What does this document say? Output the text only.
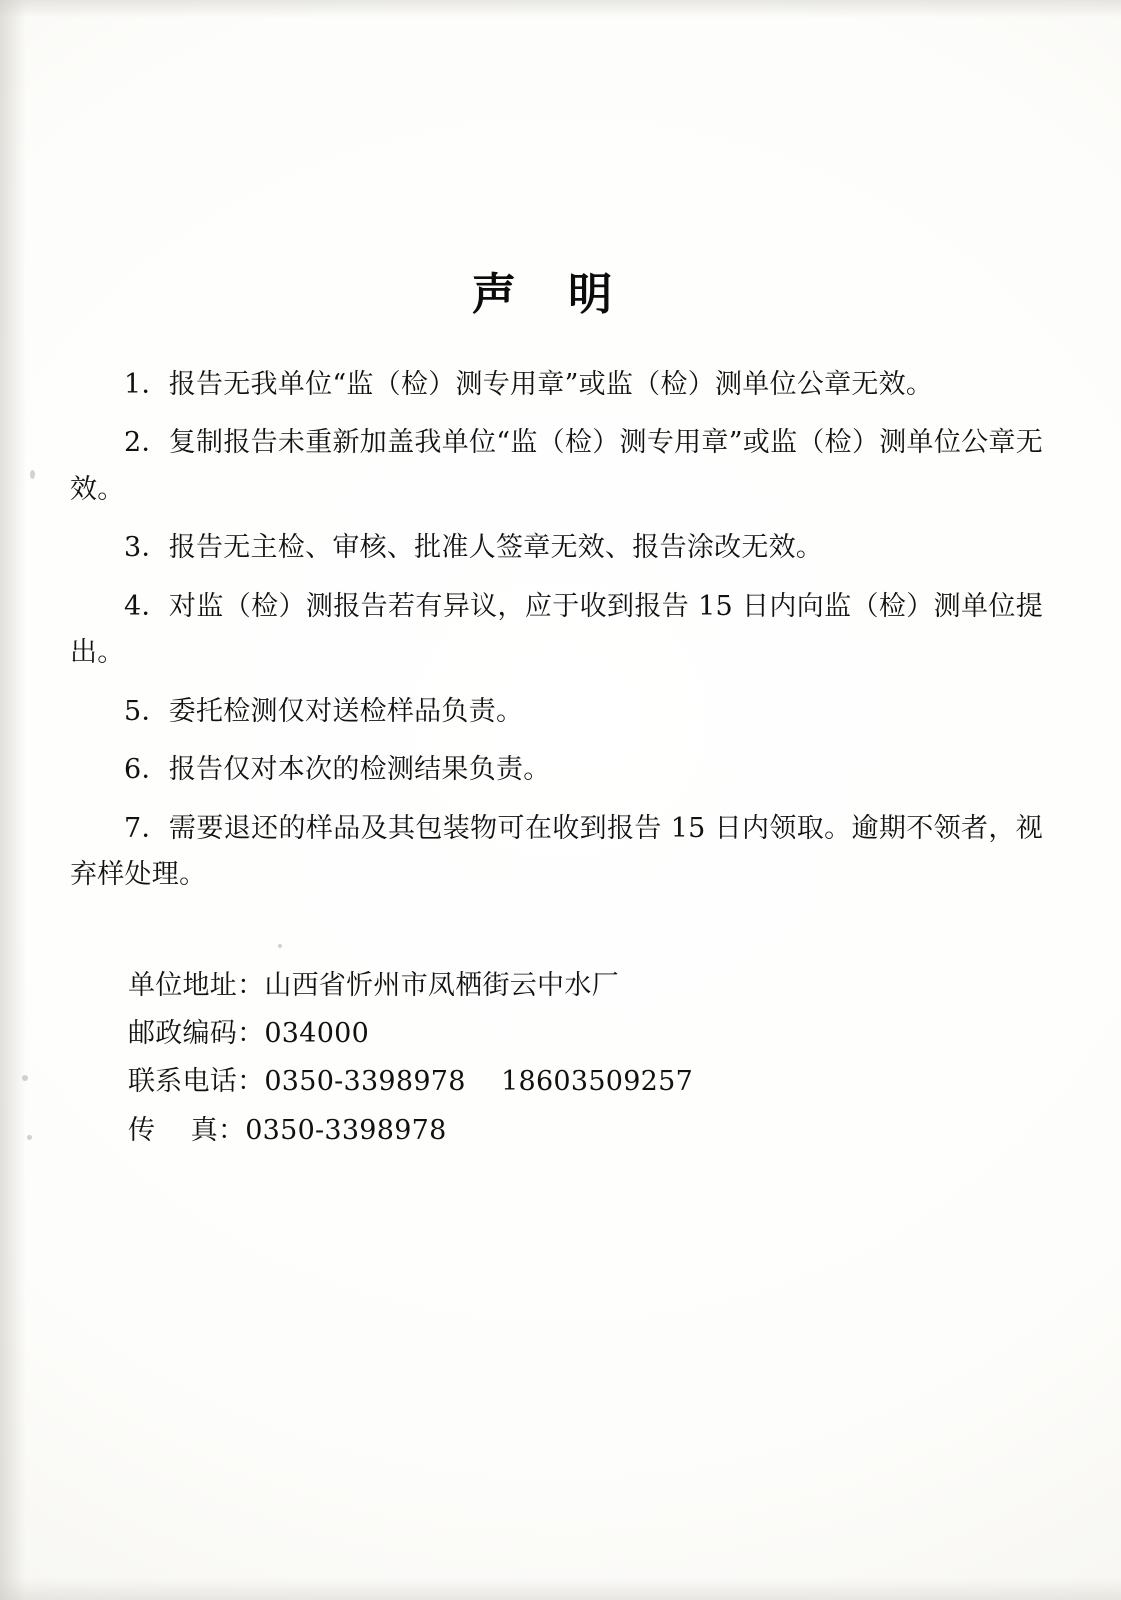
声 明
1．报告无我单位“监（检）测专用章”或监（检）测单位公章无效。
2．复制报告未重新加盖我单位“监（检）测专用章”或监（检）测单位公章无效。
3．报告无主检、审核、批准人签章无效、报告涂改无效。
4．对监（检）测报告若有异议，应于收到报告 15 日内向监（检）测单位提出。
5．委托检测仅对送检样品负责。
6．报告仅对本次的检测结果负责。
7．需要退还的样品及其包装物可在收到报告 15 日内领取。逾期不领者，视弃样处理。
单位地址：山西省忻州市凤栖街云中水厂
邮政编码：034000
联系电话：0350-3398978    18603509257
传    真：0350-3398978
